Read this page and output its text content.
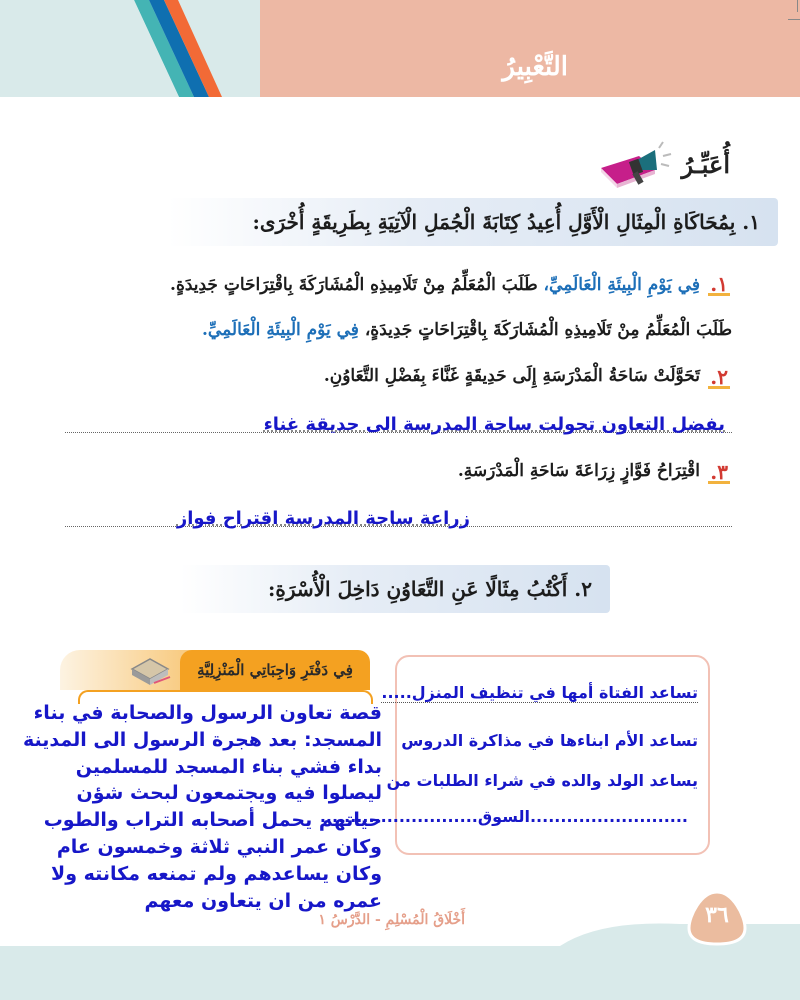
التَّعْبِيرُ
أُعَبِّـرُ
١. بِمُحَاكَاةِ الْمِثَالِ الْأَوَّلِ أُعِيدُ كِتَابَةَ الْجُمَلِ الْآتِيَةِ بِطَرِيقَةٍ أُخْرَى:
١.
فِي يَوْمِ الْبِيئَةِ الْعَالَمِيِّ، طَلَبَ الْمُعَلِّمُ مِنْ تَلَامِيذِهِ الْمُشَارَكَةَ بِاقْتِرَاحَاتٍ جَدِيدَةٍ.
طَلَبَ الْمُعَلِّمُ مِنْ تَلَامِيذِهِ الْمُشَارَكَةَ بِاقْتِرَاحَاتٍ جَدِيدَةٍ، فِي يَوْمِ الْبِيئَةِ الْعَالَمِيِّ.
٢.
تَحَوَّلَتْ سَاحَةُ الْمَدْرَسَةِ إِلَى حَدِيقَةٍ غَنَّاءَ بِفَضْلِ التَّعَاوُنِ.
بفضل التعاون تحولت ساحة المدرسة الى حديقة غناء
٣.
اقْتِرَاحُ فَوَّازٍ زِرَاعَةَ سَاحَةِ الْمَدْرَسَةِ.
زراعة ساحة المدرسة اقتراح فواز
٢. أَكْتُبُ مِثَالًا عَنِ التَّعَاوُنِ دَاخِلَ الْأُسْرَةِ:
تساعد الفتاة أمها في تنظيف المنزل.....
تساعد الأم ابناءها في مذاكرة الدروس
يساعد الولد والده في شراء الطلبات من
..........................السوق..........................
فِي دَفْتَرِ وَاجِبَاتِي الْمَنْزِلِيَّةِ
قصة تعاون الرسول والصحابة في بناء المسجد: بعد هجرة الرسول الى المدينة بداء فشي بناء المسجد للمسلمين ليصلوا فيه ويجتمعون لبحث شؤن حياتهم يحمل أصحابه التراب والطوب وكان عمر النبي ثلاثة وخمسون عام وكان يساعدهم ولم تمنعه مكانته ولا عمره من ان يتعاون معهم
أَخْلَاقُ الْمُسْلِمِ - الدَّرْسُ ١	٣٦
